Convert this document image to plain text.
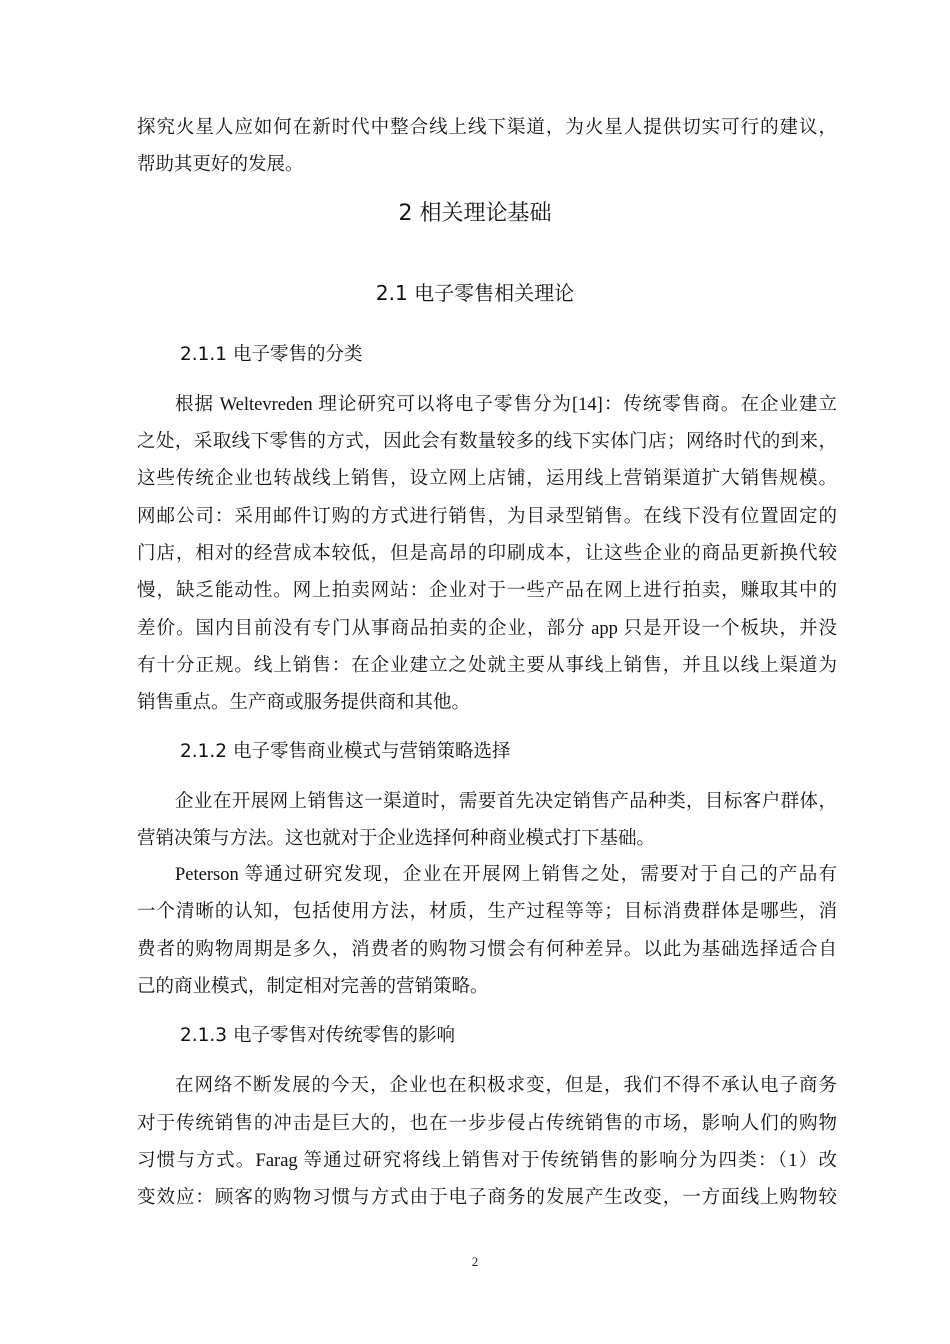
探究火星人应如何在新时代中整合线上线下渠道，为火星人提供切实可行的建议，
帮助其更好的发展。
2 相关理论基础
2.1 电子零售相关理论
2.1.1 电子零售的分类
根据 Weltevreden 理论研究可以将电子零售分为[14]：传统零售商。在企业建立
之处，采取线下零售的方式，因此会有数量较多的线下实体门店；网络时代的到来，
这些传统企业也转战线上销售，设立网上店铺，运用线上营销渠道扩大销售规模。
网邮公司：采用邮件订购的方式进行销售，为目录型销售。在线下没有位置固定的
门店，相对的经营成本较低，但是高昂的印刷成本，让这些企业的商品更新换代较
慢，缺乏能动性。网上拍卖网站：企业对于一些产品在网上进行拍卖，赚取其中的
差价。国内目前没有专门从事商品拍卖的企业，部分 app 只是开设一个板块，并没
有十分正规。线上销售：在企业建立之处就主要从事线上销售，并且以线上渠道为
销售重点。生产商或服务提供商和其他。
2.1.2 电子零售商业模式与营销策略选择
企业在开展网上销售这一渠道时，需要首先决定销售产品种类，目标客户群体，
营销决策与方法。这也就对于企业选择何种商业模式打下基础。
Peterson 等通过研究发现，企业在开展网上销售之处，需要对于自己的产品有
一个清晰的认知，包括使用方法，材质，生产过程等等；目标消费群体是哪些，消
费者的购物周期是多久，消费者的购物习惯会有何种差异。以此为基础选择适合自
己的商业模式，制定相对完善的营销策略。
2.1.3 电子零售对传统零售的影响
在网络不断发展的今天，企业也在积极求变，但是，我们不得不承认电子商务
对于传统销售的冲击是巨大的，也在一步步侵占传统销售的市场，影响人们的购物
习惯与方式。Farag 等通过研究将线上销售对于传统销售的影响分为四类：（1）改
变效应：顾客的购物习惯与方式由于电子商务的发展产生改变，一方面线上购物较
2
